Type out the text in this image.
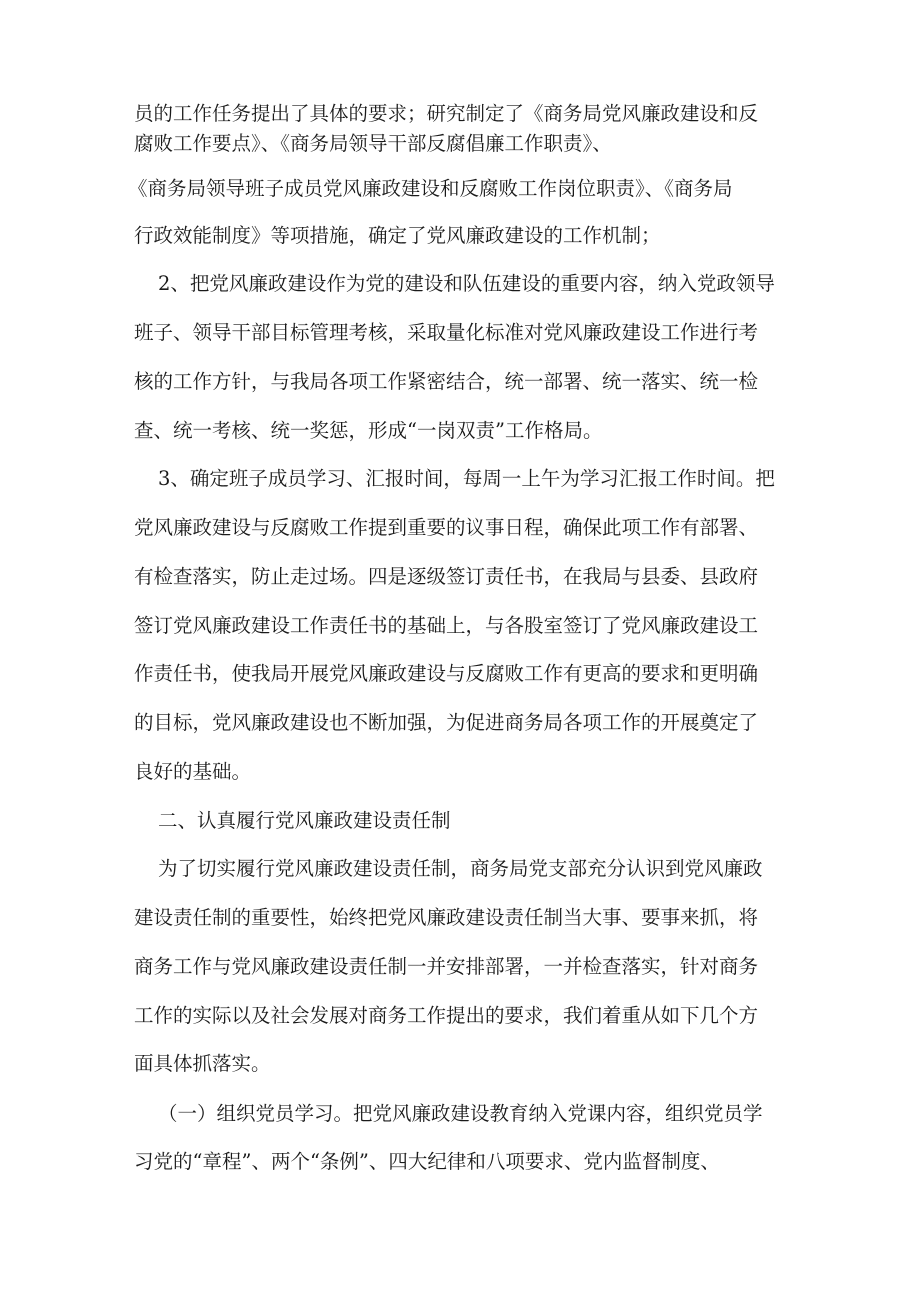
员的工作任务提出了具体的要求；研究制定了《商务局党风廉政建设和反
腐败工作要点》、《商务局领导干部反腐倡廉工作职责》、
《商务局领导班子成员党风廉政建设和反腐败工作岗位职责》、《商务局
行政效能制度》等项措施，确定了党风廉政建设的工作机制；
2、把党风廉政建设作为党的建设和队伍建设的重要内容，纳入党政领导
班子、领导干部目标管理考核，采取量化标准对党风廉政建设工作进行考
核的工作方针，与我局各项工作紧密结合，统一部署、统一落实、统一检
查、统一考核、统一奖惩，形成“一岗双责”工作格局。
3、确定班子成员学习、汇报时间，每周一上午为学习汇报工作时间。把
党风廉政建设与反腐败工作提到重要的议事日程，确保此项工作有部署、
有检查落实，防止走过场。四是逐级签订责任书，在我局与县委、县政府
签订党风廉政建设工作责任书的基础上，与各股室签订了党风廉政建设工
作责任书，使我局开展党风廉政建设与反腐败工作有更高的要求和更明确
的目标，党风廉政建设也不断加强，为促进商务局各项工作的开展奠定了
良好的基础。
二、认真履行党风廉政建设责任制
为了切实履行党风廉政建设责任制，商务局党支部充分认识到党风廉政
建设责任制的重要性，始终把党风廉政建设责任制当大事、要事来抓，将
商务工作与党风廉政建设责任制一并安排部署，一并检查落实，针对商务
工作的实际以及社会发展对商务工作提出的要求，我们着重从如下几个方
面具体抓落实。
（一）组织党员学习。把党风廉政建设教育纳入党课内容，组织党员学
习党的“章程”、两个“条例”、四大纪律和八项要求、党内监督制度、
